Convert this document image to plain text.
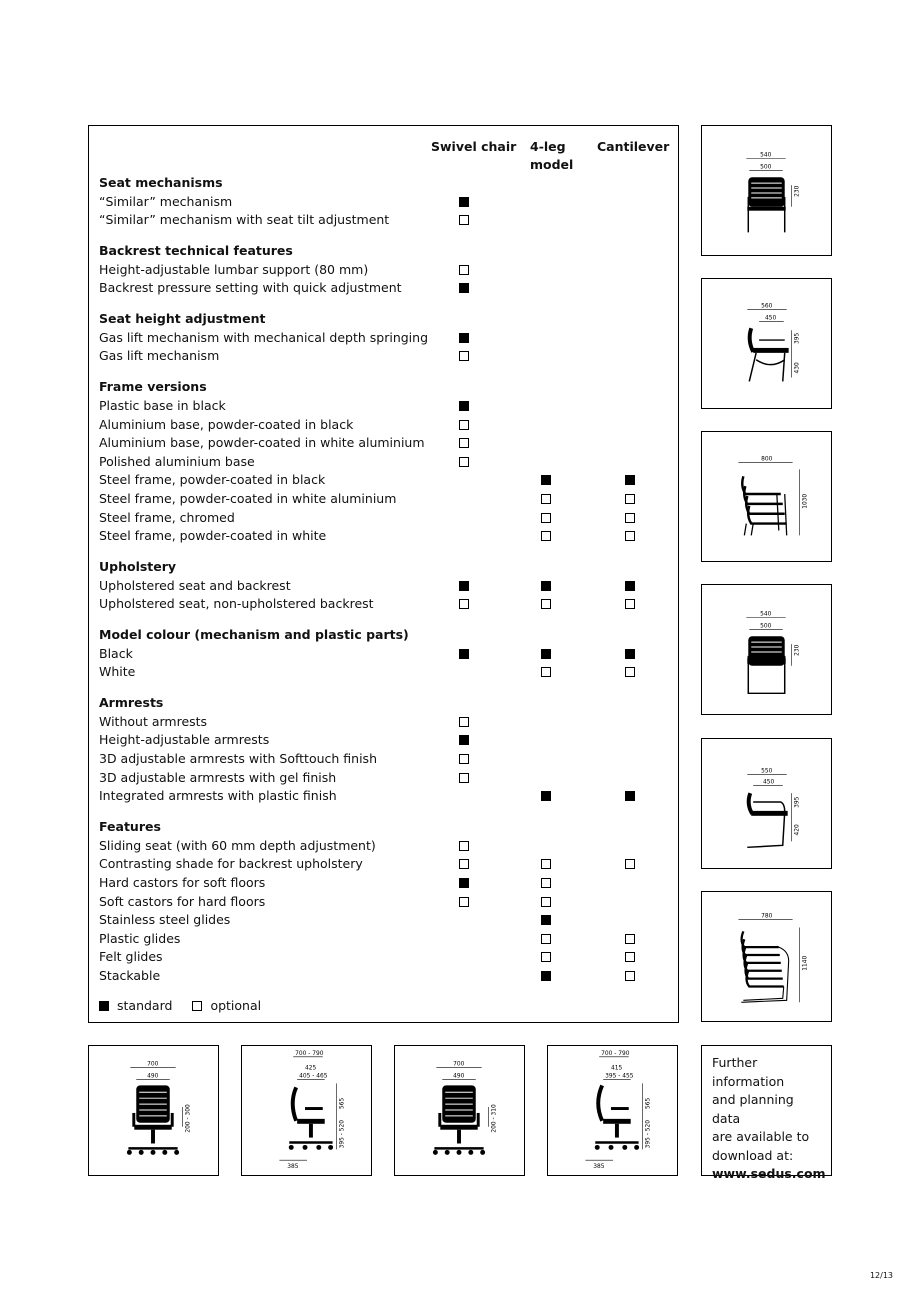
Swivel chair 4-leg
model
Cantilever
Seat mechanisms
“Similar” mechanism
“Similar” mechanism with seat tilt adjustment
Backrest technical features
Height-adjustable lumbar support (80 mm)
Backrest pressure setting with quick adjustment
Seat height adjustment
Gas lift mechanism with mechanical depth springing
Gas lift mechanism
Frame versions
Plastic base in black
Aluminium base, powder-coated in black
Aluminium base, powder-coated in white aluminium
Polished aluminium base
Steel frame, powder-coated in black
Steel frame, powder-coated in white aluminium
Steel frame, chromed
Steel frame, powder-coated in white
Upholstery
Upholstered seat and backrest
Upholstered seat, non-upholstered backrest
Model colour (mechanism and plastic parts)
Black
White
Armrests
Without armrests
Height-adjustable armrests
3D adjustable armrests with Softtouch finish
3D adjustable armrests with gel finish
Integrated armrests with plastic finish
Features
Sliding seat (with 60 mm depth adjustment)
Contrasting shade for backrest upholstery
Hard castors for soft floors
Soft castors for hard floors
Stainless steel glides
Plastic glides
Felt glides
Stackable
standard	optional
540
500
230
560
450
395
430
800
1030
540
500
230
550
450
395
420
780
1140
700
490
200 - 300
700 - 790
425
405 - 465
565
395 - 520
385
700
490
200 - 310
700 - 790
415
395 - 455
565
395 - 520
385
Further information
and planning data
are available to
download at:
www.sedus.com
12/13
